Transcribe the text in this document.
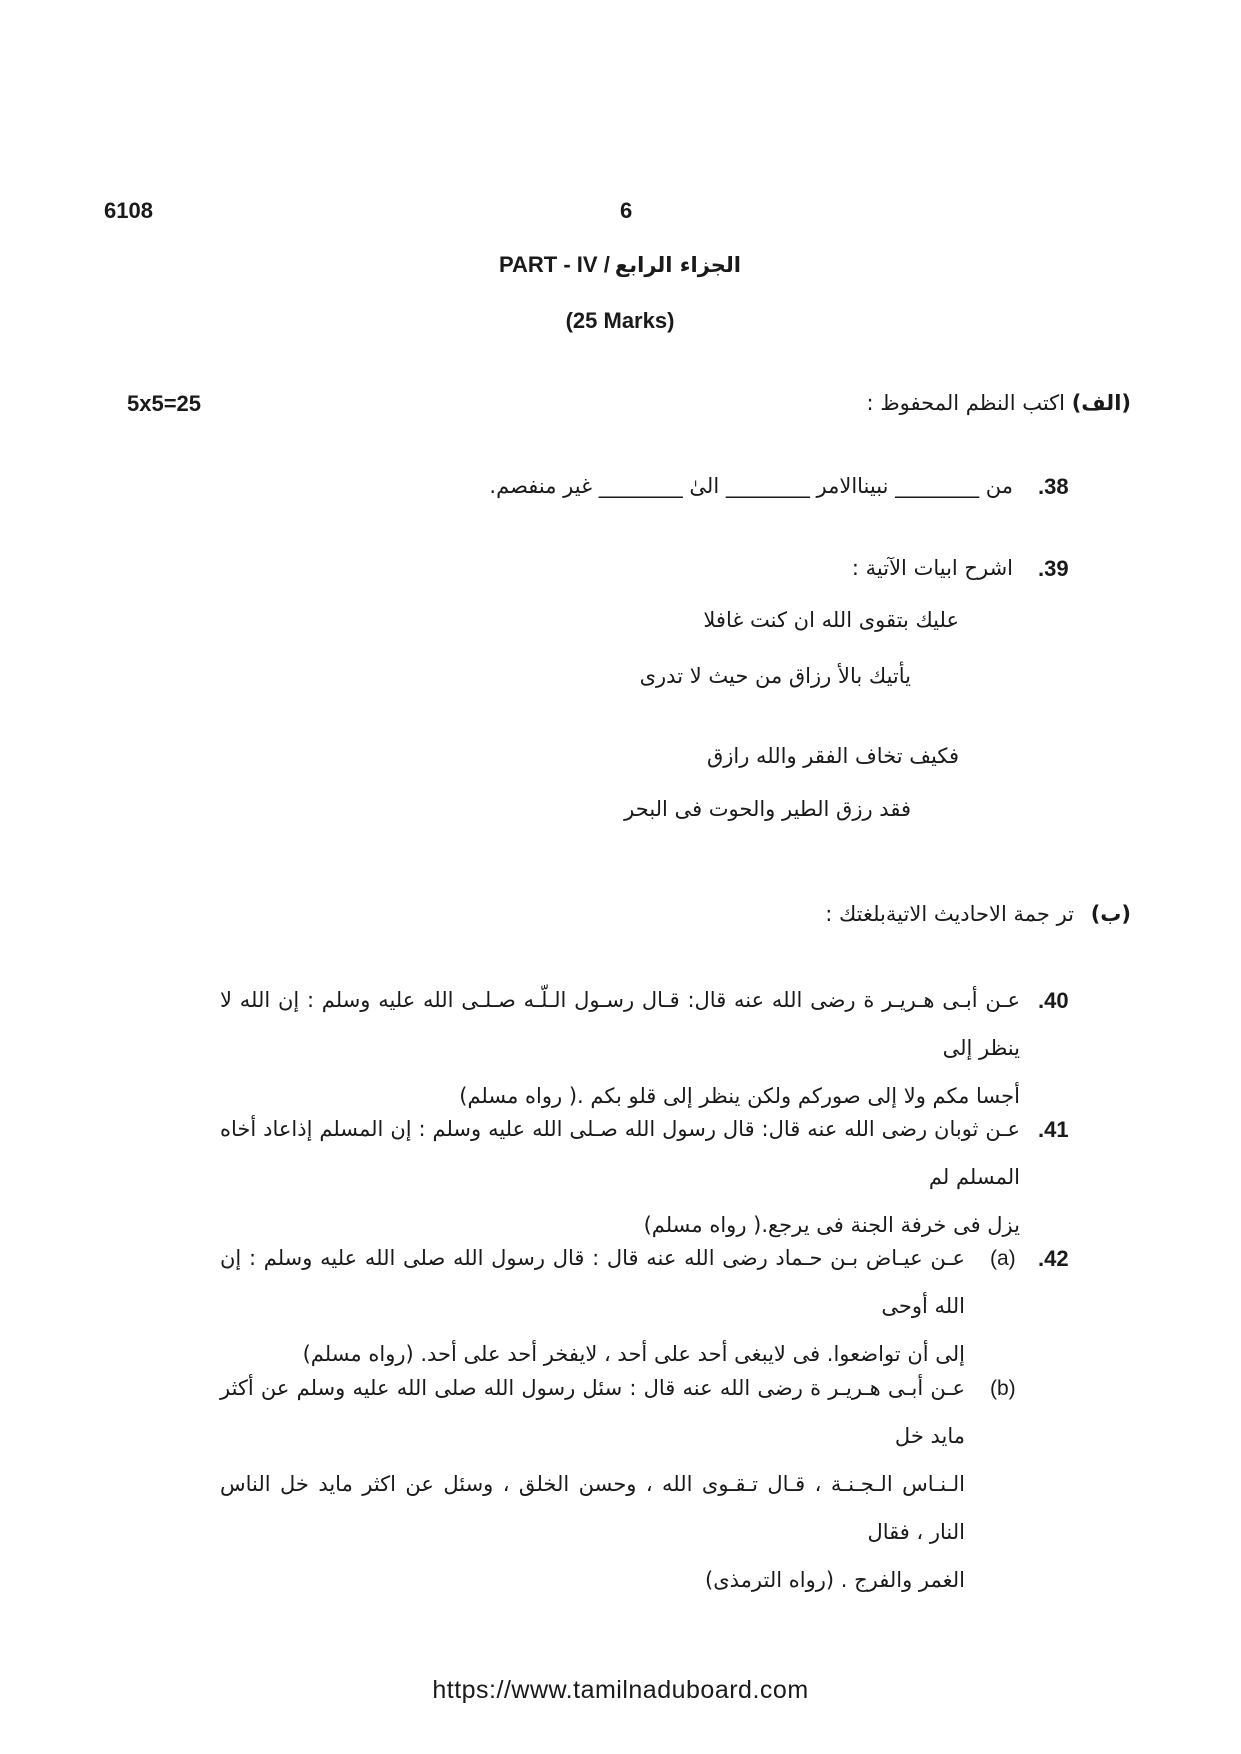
6108	6
PART - IV / الجزاء الرابع
(25 Marks)
5x5=25	(الف) اكتب النظم المحفوظ :
.38
من ________ نبيناالامر ________ الىٰ ________ غير منفصم.
.39
اشرح ابيات الآتية :
عليك بتقوى الله ان كنت غافلا
يأتيك بالأ رزاق من حيث لا تدرى
فكيف تخاف الفقر والله رازق
فقد رزق الطير والحوت فى البحر
(ب) تر جمة الاحاديث الاتيةبلغتك :
.40
عـن أبـى هـريـر ة رضى الله عنه قال: قـال رسـول الـلّـه صـلـى الله عليه وسلم : إن الله لا ينظر إلى
أجسا مكم ولا إلى صوركم ولكن ينظر إلى قلو بكم .( رواه مسلم)
.41
عـن ثوبان رضى الله عنه قال: قال رسول الله صـلى الله عليه وسلم : إن المسلم إذاعاد أخاه المسلم لم
يزل فى خرفة الجنة فى يرجع.( رواه مسلم)
.42
(a)
عـن عيـاض بـن حـماد رضى الله عنه قال : قال رسول الله صلى الله عليه وسلم : إن الله أوحى
إلى أن تواضعوا. فى لايبغى أحد على أحد ، لايفخر أحد على أحد. (رواه مسلم)
(b)
عـن أبـى هـريـر ة رضى الله عنه قال : سئل رسول الله صلى الله عليه وسلم عن أكثر مايد خل
الـنـاس الـجـنـة ، قـال تـقـوى الله ، وحسن الخلق ، وسئل عن اكثر مايد خل الناس النار ، فقال
الغمر والفرج . (رواه الترمذى)
https://www.tamilnaduboard.com
